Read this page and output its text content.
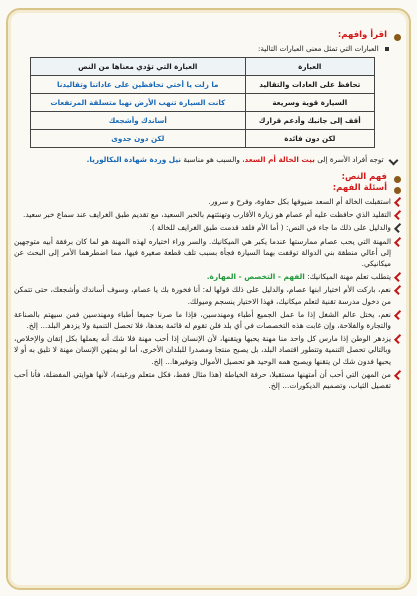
اقرأ وافهم:

العبارات التي تمثل معنى العبارات التالية:
العبارة	العبارة التي تؤدي معناها من النص
تحافظ على العادات والتقاليد	ما زلت يا أختي تحافظين على عاداتنا وتقاليدنا
السيارة قوية وسريعة	كانت السيارة تنهب الأرض نهبا متسلقة المرتفعات
أقف إلى جانبك وأدعم قرارك	أساندك وأشجعك
لكن دون فائدة	لكن دون جدوى
توجه أفراد الأسرة إلى بيت الخالة أم السعد، والسبب هو مناسبة نيل وردة شهادة البكالوريا.

فهم النص:

أسئلة الفهم:

استقبلت الخالة أم السعد ضيوفها بكل حفاوة، وفرح و سرور.
التقليد الذي حافظت عليه أم عصام هو زيارة الأقارب وتهنئتهم بالخبر السعيد، مع تقديم طبق الغرايف عند سماع خبر سعيد.
والدليل على ذلك ما جاء في النص: ( أما الأم فلقد قدمت طبق الغرايف للخالة ).
المهنة التي يحب عصام ممارستها عندما يكبر هي الميكانيك. والسر وراء اختياره لهذه المهنة هو لما كان برفقة أبيه متوجهين إلى أعالي منطقة بني الدوالة توقفت بهما السيارة فجأة بسبب تلف قطعة صغيرة فيها، مما اضطرهما الأمر إلى البحث عن ميكانيكي.
يتطلب تعلم مهنة الميكانيك: الفهم - التخصص - المهارة.
نعم، باركت الأم اختيار ابنها عصام، والدليل على ذلك قولها له: أنا فخورة بك يا عصام، وسوف أساندك وأشجعك، حتى تتمكن من دخول مدرسة تقنية لتعلم ميكانيك، فهذا الاختيار ينسجم وميولك.
نعم، يختل عالم الشغل إذا ما عمل الجميع أطباء ومهندسين، فإذا ما صرنا جميعا أطباء ومهندسين فمن سيهتم بالصناعة والتجارة والفلاحة، وإن غابت هذه التخصصات في أي بلد فلن تقوم له قائمة بعدها، فلا تحصل التنمية ولا يزدهر البلد... إلخ.
يزدهر الوطن إذا مارس كل واحد منا مهنة يحبها ويتقنها، لأن الإنسان إذا أحب مهنة فلا شك أنه يعملها بكل إتقان والإخلاص، وبالتالي تحصل التنمية وتتطور اقتصاد البلد، بل يصبح منتجا ومصدرا للبلدان الأخرى، أما لو يمتهن الإنسان مهنة لا تليق به أو لا يحبها فدون شك لن يتقنها ويصبح همه الوحيد هو تحصيل الأموال وتوفيرها... إلخ.
من المهن التي أحب أن أمتهنها مستقبلا، حرفة الخياطة (هذا مثال فقط، فكل متعلم ورغبته)، لأنها هوايتي المفضلة، فأنا أحب تفصيل الثياب، وتصميم الديكورات... إلخ.
